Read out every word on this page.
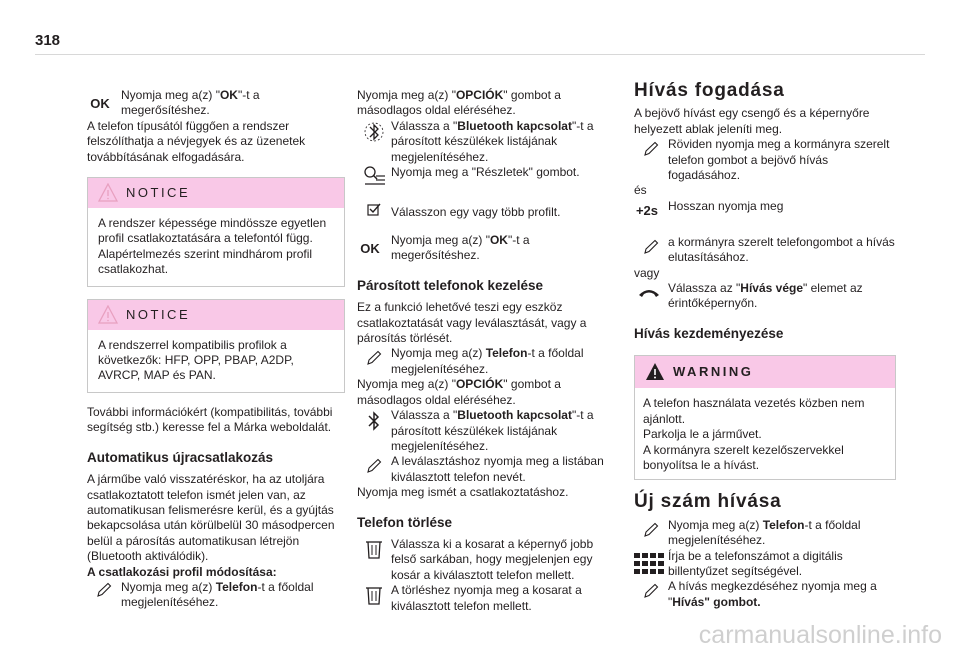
318
OK

Nyomja meg a(z) "OK"-t a megerősítéshez.

A telefon típusától függően a rendszer felszólíthatja a névjegyek és az üzenetek továbbításának elfogadására.

NOTICE
A rendszer képessége mindössze egyetlen profil csatlakoztatására a telefontól függ. Alapértelmezés szerint mindhárom profil csatlakozhat.
NOTICE
A rendszerrel kompatibilis profilok a következők: HFP, OPP, PBAP, A2DP, AVRCP, MAP és PAN.

További információkért (kompatibilitás, további segítség stb.) keresse fel a Márka weboldalát.

Automatikus újracsatlakozás

A járműbe való visszatéréskor, ha az utoljára csatlakoztatott telefon ismét jelen van, az automatikusan felismerésre kerül, és a gyújtás bekapcsolása után körülbelül 30 másodpercen belül a párosítás automatikusan létrejön (Bluetooth aktiválódik).

A csatlakozási profil módosítása:

Nyomja meg a(z) Telefon-t a főoldal megjelenítéséhez.

Nyomja meg a(z) "OPCIÓK" gombot a másodlagos oldal eléréséhez.

Válassza a "Bluetooth kapcsolat"-t a párosított készülékek listájának megjelenítéséhez.

Nyomja meg a "Részletek" gombot.

Válasszon egy vagy több profilt.

OK

Nyomja meg a(z) "OK"-t a megerősítéshez.

Párosított telefonok kezelése

Ez a funkció lehetővé teszi egy eszköz csatlakoztatását vagy leválasztását, vagy a párosítás törlését.

Nyomja meg a(z) Telefon-t a főoldal megjelenítéséhez.

Nyomja meg a(z) "OPCIÓK" gombot a másodlagos oldal eléréséhez.

Válassza a "Bluetooth kapcsolat"-t a párosított készülékek listájának megjelenítéséhez.

A leválasztáshoz nyomja meg a listában kiválasztott telefon nevét.

Nyomja meg ismét a csatlakoztatáshoz.

Telefon törlése

Válassza ki a kosarat a képernyő jobb felső sarkában, hogy megjelenjen egy kosár a kiválasztott telefon mellett.

A törléshez nyomja meg a kosarat a kiválasztott telefon mellett.

Hívás fogadása

A bejövő hívást egy csengő és a képernyőre helyezett ablak jeleníti meg.

Röviden nyomja meg a kormányra szerelt telefon gombot a bejövő hívás fogadásához.

és

+2s Hosszan nyomja meg

a kormányra szerelt telefongombot a hívás elutasításához.

vagy

Válassza az "Hívás vége" elemet az érintőképernyőn.

Hívás kezdeményezése
WARNING
A telefon használata vezetés közben nem ajánlott.
Parkolja le a járművet.
A kormányra szerelt kezelőszervekkel bonyolítsa le a hívást.
Új szám hívása

Nyomja meg a(z) Telefon-t a főoldal megjelenítéséhez.

Írja be a telefonszámot a digitális billentyűzet segítségével.

A hívás megkezdéséhez nyomja meg a "Hívás" gombot.

carmanualsonline.info
